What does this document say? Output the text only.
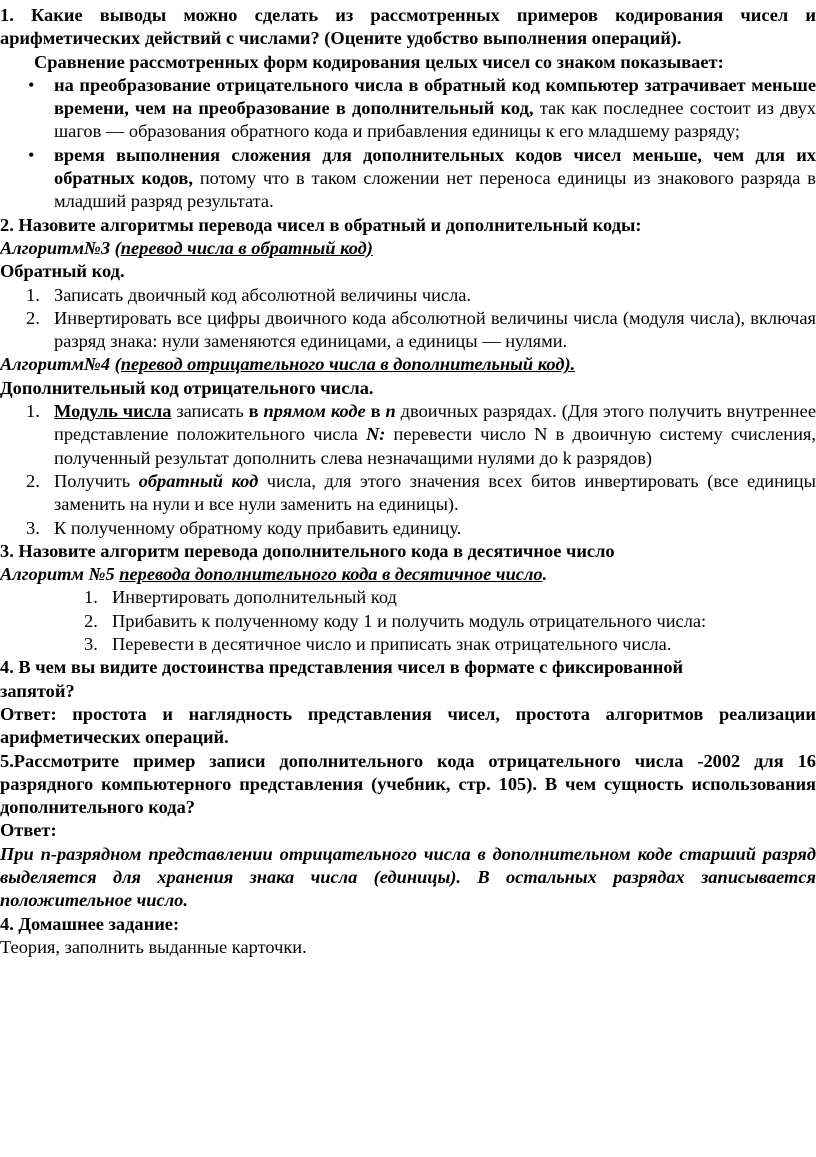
1. Какие выводы можно сделать из рассмотренных примеров кодирования чисел и арифметических действий с числами? (Оцените удобство выполнения операций).

Сравнение рассмотренных форм кодирования целых чисел со знаком показывает:

• на преобразование отрицательного числа в обратный код компьютер затрачивает меньше времени, чем на преобразование в дополнительный код, так как последнее состоит из двух шагов — образования обратного кода и прибавления единицы к его младшему разряду;
• время выполнения сложения для дополнительных кодов чисел меньше, чем для их обратных кодов, потому что в таком сложении нет переноса единицы из знакового разряда в младший разряд результата.

2. Назовите алгоритмы перевода чисел в обратный и дополнительный коды:

Алгоритм№3 (перевод числа в обратный код)

Обратный код.

1. Записать двоичный код абсолютной величины числа.
2. Инвертировать все цифры двоичного кода абсолютной величины числа (модуля числа), включая разряд знака: нули заменяются единицами, а единицы — нулями.

Алгоритм№4 (перевод отрицательного числа в дополнительный код).

Дополнительный код отрицательного числа.

1. Модуль числа записать в прямом коде в n двоичных разрядах. (Для этого получить внутреннее представление положительного числа N: перевести число N в двоичную систему счисления, полученный результат дополнить слева незначащими нулями до k разрядов)
2. Получить обратный код числа, для этого значения всех битов инвертировать (все единицы заменить на нули и все нули заменить на единицы).
3. К полученному обратному коду прибавить единицу.

3. Назовите алгоритм перевода дополнительного кода в десятичное число

Алгоритм №5 перевода дополнительного кода в десятичное число.

1. Инвертировать дополнительный код
2. Прибавить к полученному коду 1 и получить модуль отрицательного числа:
3. Перевести в десятичное число и приписать знак отрицательного числа.

4. В чем вы видите достоинства представления чисел в формате с фиксированной
запятой?

Ответ: простота и наглядность представления чисел, простота алгоритмов реализации арифметических операций.

5.Рассмотрите пример записи дополнительного кода отрицательного числа -2002 для 16 разрядного компьютерного представления (учебник, стр. 105). В чем сущность использования дополнительного кода?

Ответ:

При n-разрядном представлении отрицательного числа в дополнительном коде старший разряд выделяется для хранения знака числа (единицы). В остальных разрядах записывается положительное число.

4. Домашнее задание:

Теория, заполнить выданные карточки.
